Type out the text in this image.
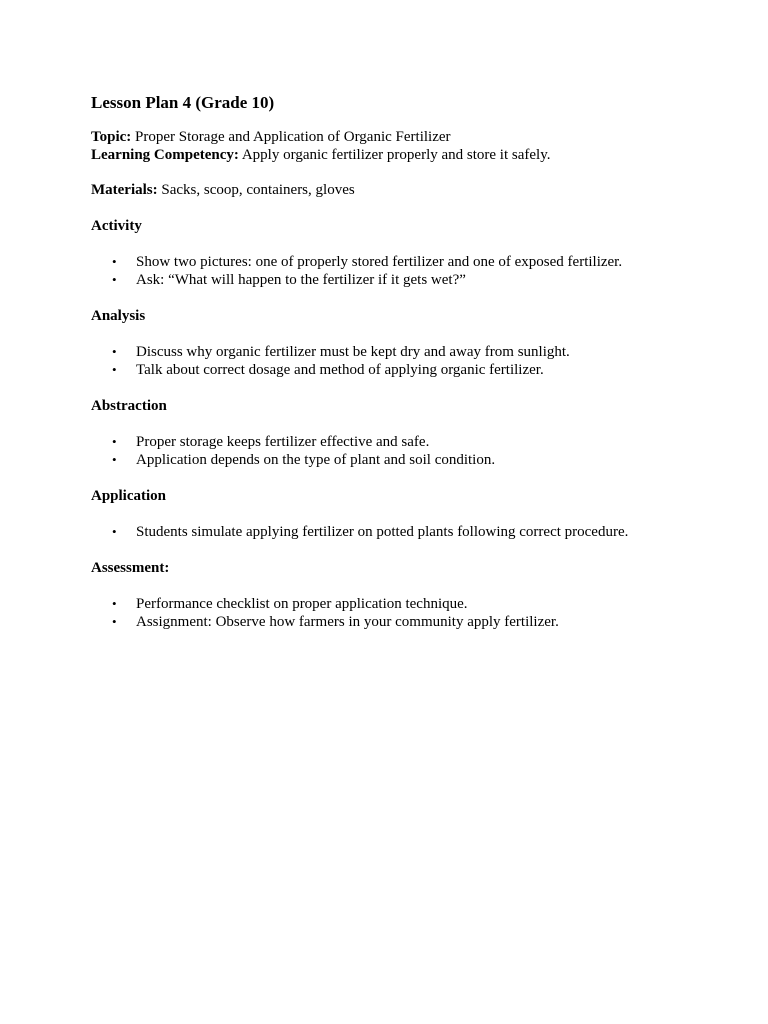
Lesson Plan 4 (Grade 10)

Topic: Proper Storage and Application of Organic Fertilizer

Learning Competency: Apply organic fertilizer properly and store it safely.

Materials: Sacks, scoop, containers, gloves

Activity
• Show two pictures: one of properly stored fertilizer and one of exposed fertilizer.
• Ask: “What will happen to the fertilizer if it gets wet?”
Analysis
• Discuss why organic fertilizer must be kept dry and away from sunlight.
• Talk about correct dosage and method of applying organic fertilizer.
Abstraction
• Proper storage keeps fertilizer effective and safe.
• Application depends on the type of plant and soil condition.
Application
• Students simulate applying fertilizer on potted plants following correct procedure.
Assessment:
• Performance checklist on proper application technique.
• Assignment: Observe how farmers in your community apply fertilizer.
